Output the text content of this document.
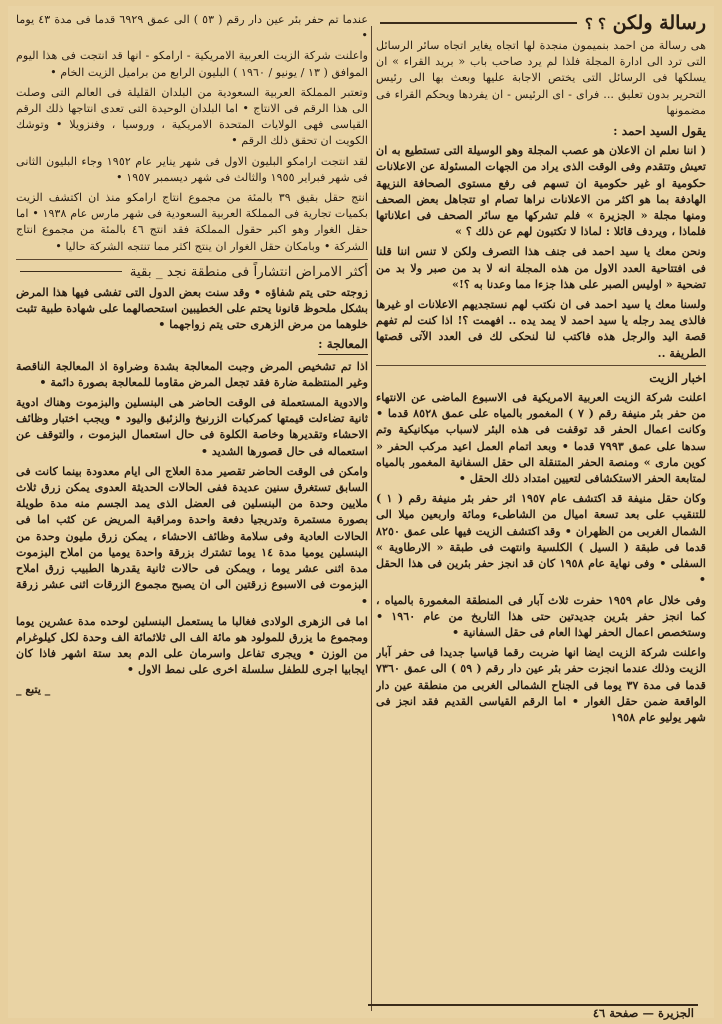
رسالة ولكن ؟ ؟

هى رسالة من احمد بنميمون منجدة لها اتجاه يغاير اتجاه سائر الرسائل التى ترد الى ادارة المجلة فلذا لم يرد صاحب باب « بريد القراء » ان يسلكها فى الرسائل التى يختص الاجابة عليها وبعث بها الى رئيس التحرير بدون تعليق ... فراى - اى الرئيس - ان يفردها ويحكم القراء فى مضمونها

يقول السيد احمد :

( اننا نعلم ان الاعلان هو عصب المجلة وهو الوسيلة التى تستطيع به ان تعيش وتتقدم وفى الوقت الذى يراد من الجهات المسئولة عن الاعلانات حكومية او غير حكومية ان تسهم فى رفع مستوى الصحافة النزيهة الهادفة بما هو اكثر من الاعلانات نراها تصام او تتجاهل بعض الصحف ومنها مجلة « الجزيرة » فلم تشركها مع سائر الصحف فى اعلاناتها فلماذا ، ويردف قائلا : لماذا لا تكتبون لهم عن ذلك ؟ »

ونحن معك يا سيد احمد فى جنف هذا التصرف ولكن لا تنس اننا قلنا فى افتتاحية العدد الاول من هذه المجلة انه لا بد من صبر ولا بد من تضحية « اوليس الصبر على هذا جزءا مما وعدنا به ؟!»

ولسنا معك يا سيد احمد فى ان نكتب لهم نستجديهم الاعلانات او غيرها فالذى يمد رجله يا سيد احمد لا يمد يده .. افهمت ؟! اذا كنت لم تفهم قصة اليد والرجل هذه فاكتب لنا لنحكى لك فى العدد الآتى قصتها الطريفة ..

اخبار الزيت

اعلنت شركة الزيت العربية الامريكية فى الاسبوع الماضى عن الانتهاء من حفر بئر منيفة رقم ( ٧ ) المغمور بالمياه على عمق ٨٥٢٨ قدما • وكانت اعمال الحفر قد توقفت فى هذه البئر لاسباب ميكانيكية وتم سدها على عمق ٧٩٩٣ قدما • وبعد اتمام العمل اعيد مركب الحفر « كوين مارى » ومنصة الحفر المتنقلة الى حقل السفانية المغمور بالمياه لمتابعة الحفر الاستكشافى لتعيين امتداد ذلك الحقل •

وكان حقل منيفة قد اكتشف عام ١٩٥٧ اثر حفر بئر منيفة رقم ( ١ ) للتنقيب على بعد تسعة اميال من الشاطىء ومائة واربعين ميلا الى الشمال الغربى من الظهران • وقد اكتشف الزيت فيها على عمق ٨٢٥٠ قدما فى طبقة ( السيل ) الكلسية وانتهت فى طبقة « الارطاوية » السفلى • وفى نهاية عام ١٩٥٨ كان قد انجز حفر بئرين فى هذا الحقل •

وفى خلال عام ١٩٥٩ حفرت ثلاث آبار فى المنطقة المغمورة بالمياه ، كما انجز حفر بئرين جديدتين حتى هذا التاريخ من عام ١٩٦٠ • وستخصص اعمال الحفر لهذا العام فى حقل السفانية •

واعلنت شركة الزيت ايضا انها ضربت رقما قياسيا جديدا فى حفر آبار الزيت وذلك عندما انجزت حفر بئر عين دار رقم ( ٥٩ ) الى عمق ٧٣٦٠ قدما فى مدة ٣٧ يوما فى الجناح الشمالى الغربى من منطقة عين دار الواقعة ضمن حقل الغوار • اما الرقم القياسى القديم فقد انجز فى شهر يوليو عام ١٩٥٨

عندما تم حفر بئر عين دار رقم ( ٥٣ ) الى عمق ٦٩٢٩ قدما فى مدة ٤٣ يوما •

واعلنت شركة الزيت العربية الامريكية - ارامكو - انها قد انتجت فى هذا اليوم الموافق ( ١٣ / يونيو / ١٩٦٠ ) البليون الرابع من براميل الزيت الخام •

وتعتبر المملكة العربية السعودية من البلدان القليلة فى العالم التى وصلت الى هذا الرقم فى الانتاج • اما البلدان الوحيدة التى تعدى انتاجها ذلك الرقم القياسى فهى الولايات المتحدة الامريكية ، وروسيا ، وفنزويلا • وتوشك الكويت ان تحقق ذلك الرقم •

لقد انتجت ارامكو البليون الاول فى شهر يناير عام ١٩٥٢ وجاء البليون الثانى فى شهر فبراير ١٩٥٥ والثالث فى شهر ديسمبر ١٩٥٧ •

انتج حقل بقيق ٣٩ بالمئة من مجموع انتاج ارامكو منذ ان اكتشف الزيت بكميات تجارية فى المملكة العربية السعودية فى شهر مارس عام ١٩٣٨ • اما حقل الغوار وهو اكبر حقول المملكة فقد انتج ٤٦ بالمئة من مجموع انتاج الشركة • وبامكان حقل الغوار ان ينتج اكثر مما تنتجه الشركة حاليا •

أكثر الامراض انتشاراً فى منطقة نجد _ بقية

زوجته حتى يتم شفاؤه • وقد سنت بعض الدول التى تفشى فيها هذا المرض بشكل ملحوظ قانونا يحتم على الخطيبين استحصالهما على شهادة طبية تثبت خلوهما من مرض الزهرى حتى يتم زواجهما •

المعالجة :

اذا تم تشخيص المرض وجبت المعالجة بشدة وضراوة اذ المعالجة الناقصة وغير المنتظمة ضارة فقد تجعل المرض مقاوما للمعالجة بصورة دائمة •

والادوية المستعملة فى الوقت الحاضر هى البنسلين والبزموت وهناك ادوية ثانية تضاءلت قيمتها كمركبات الزرنيخ والزئبق واليود • ويجب اختبار وظائف الاحشاء وتقديرها وخاصة الكلوة فى حال استعمال البزموت ، والتوقف عن استعماله فى حال قصورها الشديد •

وامكن فى الوقت الحاضر تقصير مدة العلاج الى ايام معدودة بينما كانت فى السابق تستغرق سنين عديدة ففى الحالات الحديثة العدوى يمكن زرق ثلاث ملايين وحدة من البنسلين فى العضل الذى يمد الجسم منه مدة طويلة بصورة مستمرة وتدريجيا دفعة واحدة ومراقبة المريض عن كثب اما فى الحالات العادية وفى سلامة وظائف الاحشاء ، يمكن زرق مليون وحدة من البنسلين يوميا مدة ١٤ يوما تشترك بزرقة واحدة يوميا من املاح البزموت مدة اثنى عشر يوما ، ويمكن فى حالات ثانية يقدرها الطبيب زرق املاح البزموت فى الاسبوع زرقتين الى ان يصبح مجموع الزرقات اثنى عشر زرقة •

اما فى الزهرى الولادى فغالبا ما يستعمل البنسلين لوحده مدة عشرين يوما ومجموع ما يزرق للمولود هو مائة الف الى ثلاثمائة الف وحدة لكل كيلوغرام من الوزن • ويجرى تفاعل واسرمان على الدم بعد ستة اشهر فاذا كان ايجابيا اجرى للطفل سلسلة اخرى على نمط الاول •

_ يتبع _

الجزيرة — صفحة ٤٦
